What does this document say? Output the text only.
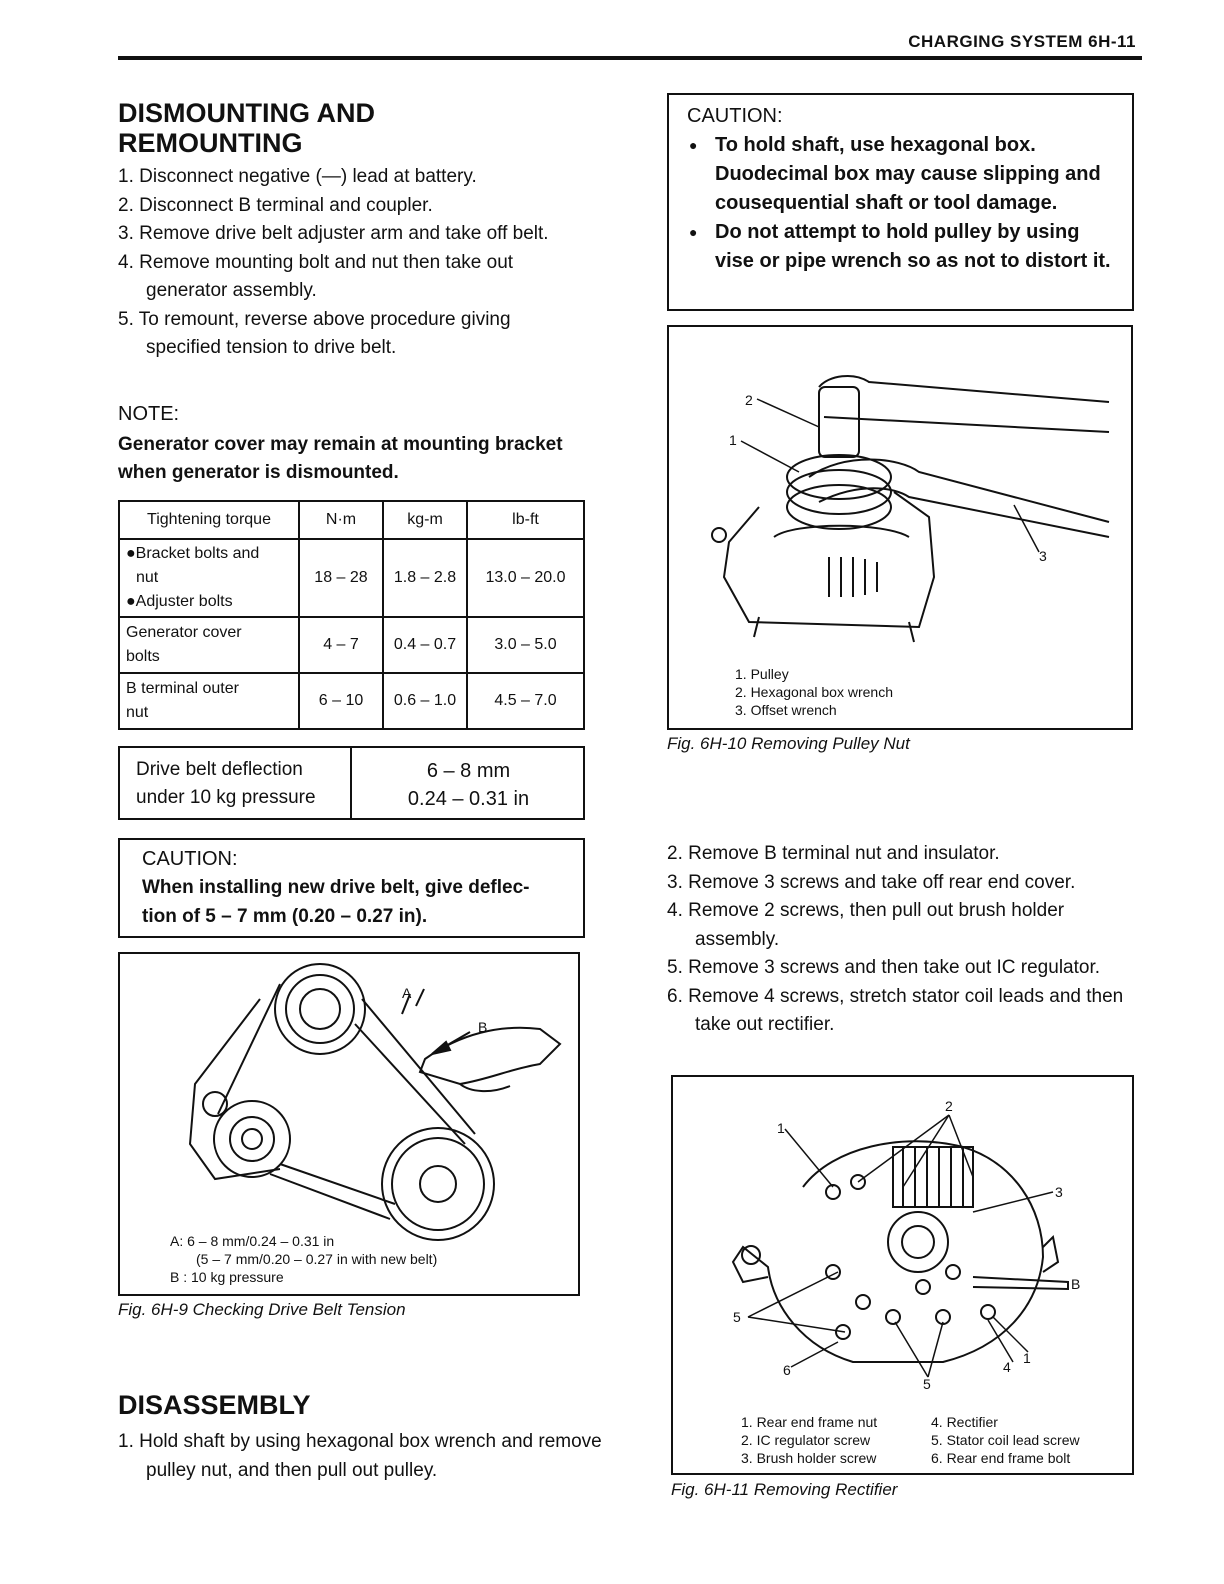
CHARGING SYSTEM 6H-11
DISMOUNTING AND
REMOUNTING
1. Disconnect negative (—) lead at battery.
2. Disconnect B terminal and coupler.
3. Remove drive belt adjuster arm and take off belt.
4. Remove mounting bolt and nut then take out generator assembly.
5. To remount, reverse above procedure giving specified tension to drive belt.
NOTE:
Generator cover may remain at mounting bracket when generator is dismounted.
Tightening torque	N·m	kg-m	lb-ft

●Bracket bolts and
nut
●Adjuster bolts	18 – 28	1.8 – 2.8	13.0 – 20.0

Generator cover
bolts	4 – 7	0.4 – 0.7	3.0 – 5.0

B terminal outer
nut	6 – 10	0.6 – 1.0	4.5 – 7.0
Drive belt deflection
under 10 kg pressure
6 – 8 mm
0.24 – 0.31 in
CAUTION:
When installing new drive belt, give deflec-
tion of 5 – 7 mm (0.20 – 0.27 in).
A
B
A: 6 – 8 mm/0.24 – 0.31 in
(5 – 7 mm/0.20 – 0.27 in with new belt)
B : 10 kg pressure
Fig. 6H-9 Checking Drive Belt Tension
DISASSEMBLY
1. Hold shaft by using hexagonal box wrench and remove pulley nut, and then pull out pulley.
CAUTION:
● To hold shaft, use hexagonal box. Duodecimal box may cause slipping and cousequential shaft or tool damage.
● Do not attempt to hold pulley by using vise or pipe wrench so as not to distort it.
2
1
3
1. Pulley
2. Hexagonal box wrench
3. Offset wrench
Fig. 6H-10 Removing Pulley Nut
2. Remove B terminal nut and insulator.
3. Remove 3 screws and take off rear end cover.
4. Remove 2 screws, then pull out brush holder assembly.
5. Remove 3 screws and then take out IC regulator.
6. Remove 4 screws, stretch stator coil leads and then take out rectifier.
1
2
3
B
5
6	4
1
5
1. Rear end frame nut
2. IC regulator screw
3. Brush holder screw
4. Rectifier
5. Stator coil lead screw
6. Rear end frame bolt
Fig. 6H-11 Removing Rectifier
